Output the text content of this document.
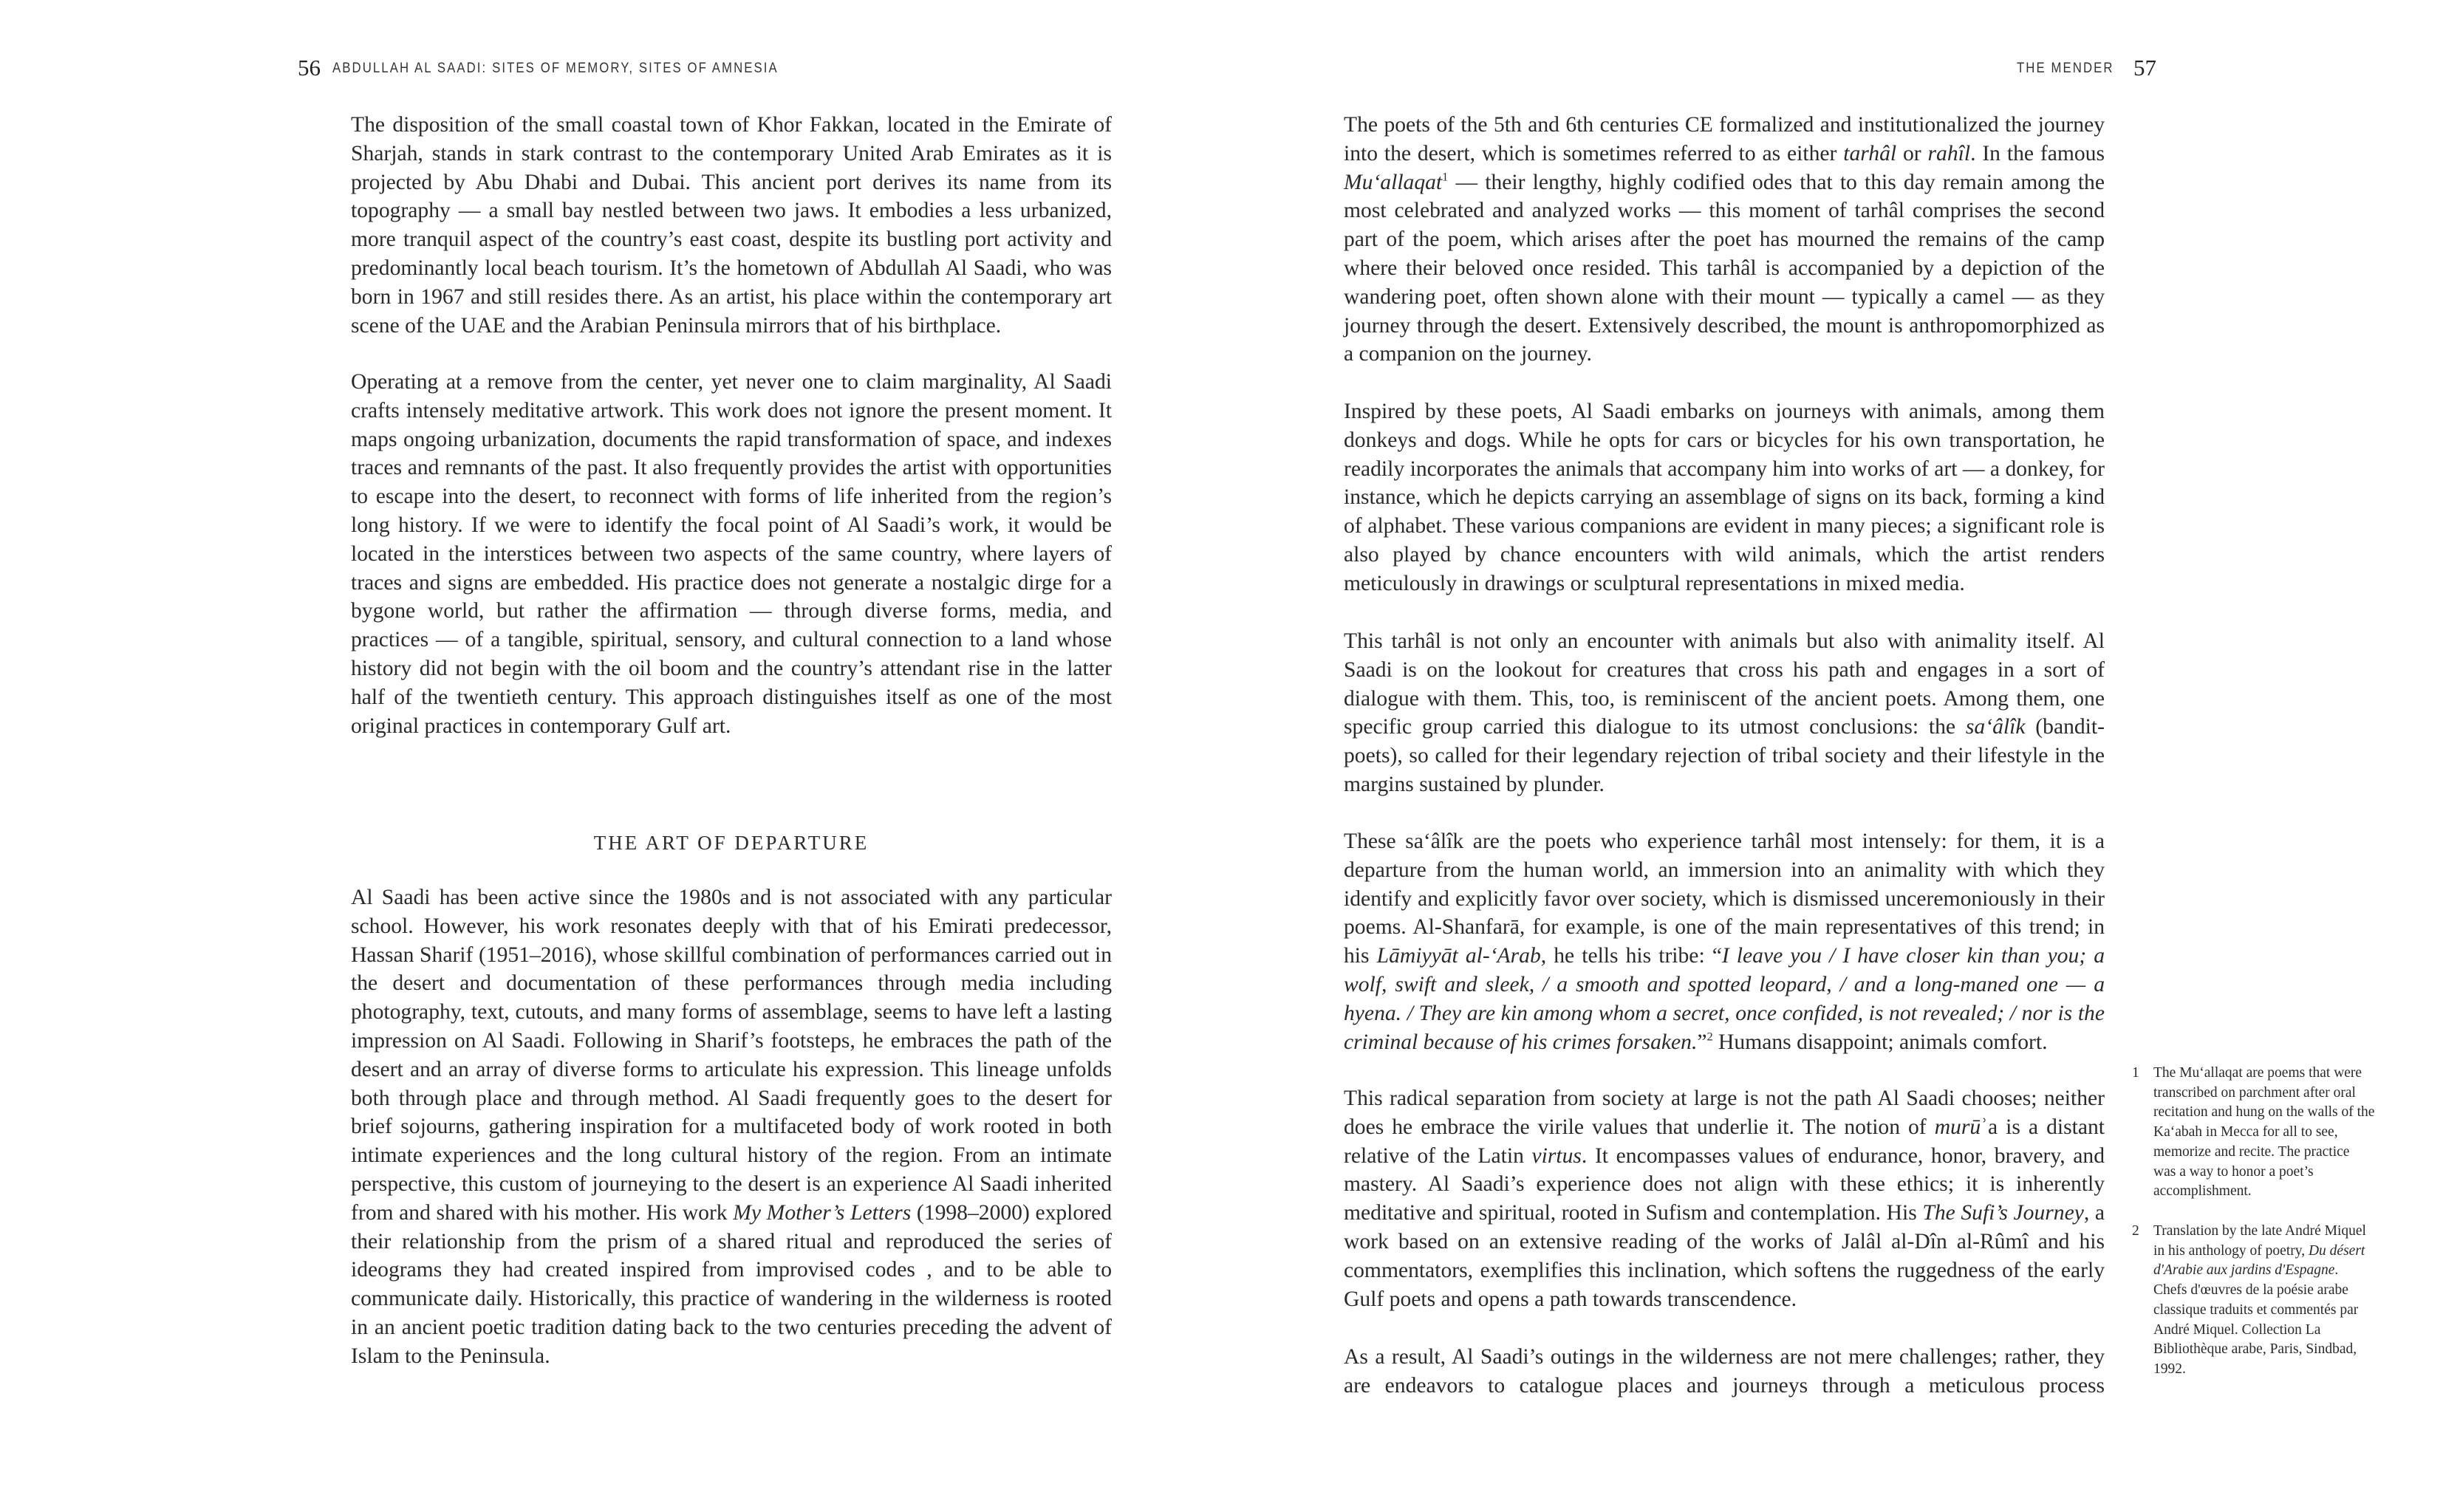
56 ABDULLAH AL SAADI: SITES OF MEMORY, SITES OF AMNESIA

The disposition of the small coastal town of Khor Fakkan, located in the Emirate of Sharjah, stands in stark contrast to the contemporary United Arab Emirates as it is projected by Abu Dhabi and Dubai. This ancient port derives its name from its topography — a small bay nestled between two jaws. It embodies a less urbanized, more tranquil aspect of the country’s east coast, despite its bustling port activity and predominantly local beach tourism. It’s the hometown of Abdullah Al Saadi, who was born in 1967 and still resides there. As an artist, his place within the contemporary art scene of the UAE and the Arabian Peninsula mirrors that of his birthplace.

Operating at a remove from the center, yet never one to claim marginality, Al Saadi crafts intensely meditative artwork. This work does not ignore the present moment. It maps ongoing urbanization, documents the rapid transformation of space, and indexes traces and remnants of the past. It also frequently provides the artist with opportunities to escape into the desert, to reconnect with forms of life inherited from the region’s long history. If we were to identify the focal point of Al Saadi’s work, it would be located in the interstices between two aspects of the same country, where layers of traces and signs are embedded. His practice does not generate a nostalgic dirge for a bygone world, but rather the affirmation — through diverse forms, media, and practices — of a tangible, spiritual, sensory, and cultural connection to a land whose history did not begin with the oil boom and the country’s attendant rise in the latter half of the twentieth century. This approach distinguishes itself as one of the most original practices in contemporary Gulf art.

THE ART OF DEPARTURE

Al Saadi has been active since the 1980s and is not associated with any particular school. However, his work resonates deeply with that of his Emirati predecessor, Hassan Sharif (1951–2016), whose skillful combination of performances carried out in the desert and documentation of these performances through media including photography, text, cutouts, and many forms of assemblage, seems to have left a lasting impression on Al Saadi. Following in Sharif’s footsteps, he embraces the path of the desert and an array of diverse forms to articulate his expression. This lineage unfolds both through place and through method. Al Saadi frequently goes to the desert for brief sojourns, gathering inspiration for a multifaceted body of work rooted in both intimate experiences and the long cultural history of the region. From an intimate perspective, this custom of journeying to the desert is an experience Al Saadi inherited from and shared with his mother. His work My Mother’s Letters (1998–2000) explored their relationship from the prism of a shared ritual and reproduced the series of ideograms they had created inspired from improvised codes , and to be able to communicate daily. Historically, this practice of wandering in the wilderness is rooted in an ancient poetic tradition dating back to the two centuries preceding the advent of Islam to the Peninsula.

THE MENDER 57

The poets of the 5th and 6th centuries CE formalized and institutionalized the journey into the desert, which is sometimes referred to as either tarhâl or rahîl. In the famous Mu‘allaqat$^1$ — their lengthy, highly codified odes that to this day remain among the most celebrated and analyzed works — this moment of tarhâl comprises the second part of the poem, which arises after the poet has mourned the remains of the camp where their beloved once resided. This tarhâl is accompanied by a depiction of the wandering poet, often shown alone with their mount — typically a camel — as they journey through the desert. Extensively described, the mount is anthropomorphized as a companion on the journey.

Inspired by these poets, Al Saadi embarks on journeys with animals, among them donkeys and dogs. While he opts for cars or bicycles for his own transportation, he readily incorporates the animals that accompany him into works of art — a donkey, for instance, which he depicts carrying an assemblage of signs on its back, forming a kind of alphabet. These various companions are evident in many pieces; a significant role is also played by chance encounters with wild animals, which the artist renders meticulously in drawings or sculptural representations in mixed media.

This tarhâl is not only an encounter with animals but also with animality itself. Al Saadi is on the lookout for creatures that cross his path and engages in a sort of dialogue with them. This, too, is reminiscent of the ancient poets. Among them, one specific group carried this dialogue to its utmost conclusions: the sa‘âlîk (bandit-poets), so called for their legendary rejection of tribal society and their lifestyle in the margins sustained by plunder.

These sa‘âlîk are the poets who experience tarhâl most intensely: for them, it is a departure from the human world, an immersion into an animality with which they identify and explicitly favor over society, which is dismissed unceremoniously in their poems. Al-Shanfarā, for example, is one of the main representatives of this trend; in his Lāmiyyāt al-‘Arab, he tells his tribe: “I leave you / I have closer kin than you; a wolf, swift and sleek, / a smooth and spotted leopard, / and a long-maned one — a hyena. / They are kin among whom a secret, once confided, is not revealed; / nor is the criminal because of his crimes forsaken.”$^2$ Humans disappoint; animals comfort.

This radical separation from society at large is not the path Al Saadi chooses; neither does he embrace the virile values that underlie it. The notion of murūʾa is a distant relative of the Latin virtus. It encompasses values of endurance, honor, bravery, and mastery. Al Saadi’s experience does not align with these ethics; it is inherently meditative and spiritual, rooted in Sufism and contemplation. His The Sufi’s Journey, a work based on an extensive reading of the works of Jalâl al-Dîn al-Rûmî and his commentators, exemplifies this inclination, which softens the ruggedness of the early Gulf poets and opens a path towards transcendence.

As a result, Al Saadi’s outings in the wilderness are not mere challenges; rather, they are endeavors to catalogue places and journeys through a meticulous process

1 The Mu‘allaqat are poems that were transcribed on parchment after oral recitation and hung on the walls of the Ka‘abah in Mecca for all to see, memorize and recite. The practice was a way to honor a poet’s accomplishment.
2 Translation by the late André Miquel in his anthology of poetry, Du désert d'Arabie aux jardins d'Espagne. Chefs d'œuvres de la poésie arabe classique traduits et commentés par André Miquel. Collection La Bibliothèque arabe, Paris, Sindbad, 1992.
